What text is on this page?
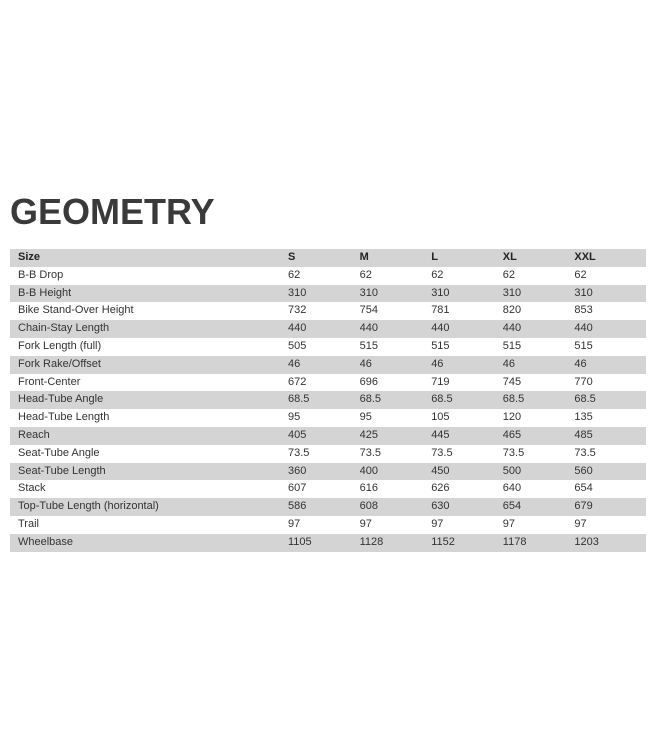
GEOMETRY
Size	S	M	L	XL	XXL
B-B Drop	62	62	62	62	62
B-B Height	310	310	310	310	310
Bike Stand-Over Height	732	754	781	820	853
Chain-Stay Length	440	440	440	440	440
Fork Length (full)	505	515	515	515	515
Fork Rake/Offset	46	46	46	46	46
Front-Center	672	696	719	745	770
Head-Tube Angle	68.5	68.5	68.5	68.5	68.5
Head-Tube Length	95	95	105	120	135
Reach	405	425	445	465	485
Seat-Tube Angle	73.5	73.5	73.5	73.5	73.5
Seat-Tube Length	360	400	450	500	560
Stack	607	616	626	640	654
Top-Tube Length (horizontal)	586	608	630	654	679
Trail	97	97	97	97	97
Wheelbase	1105	1128	1152	1178	1203
